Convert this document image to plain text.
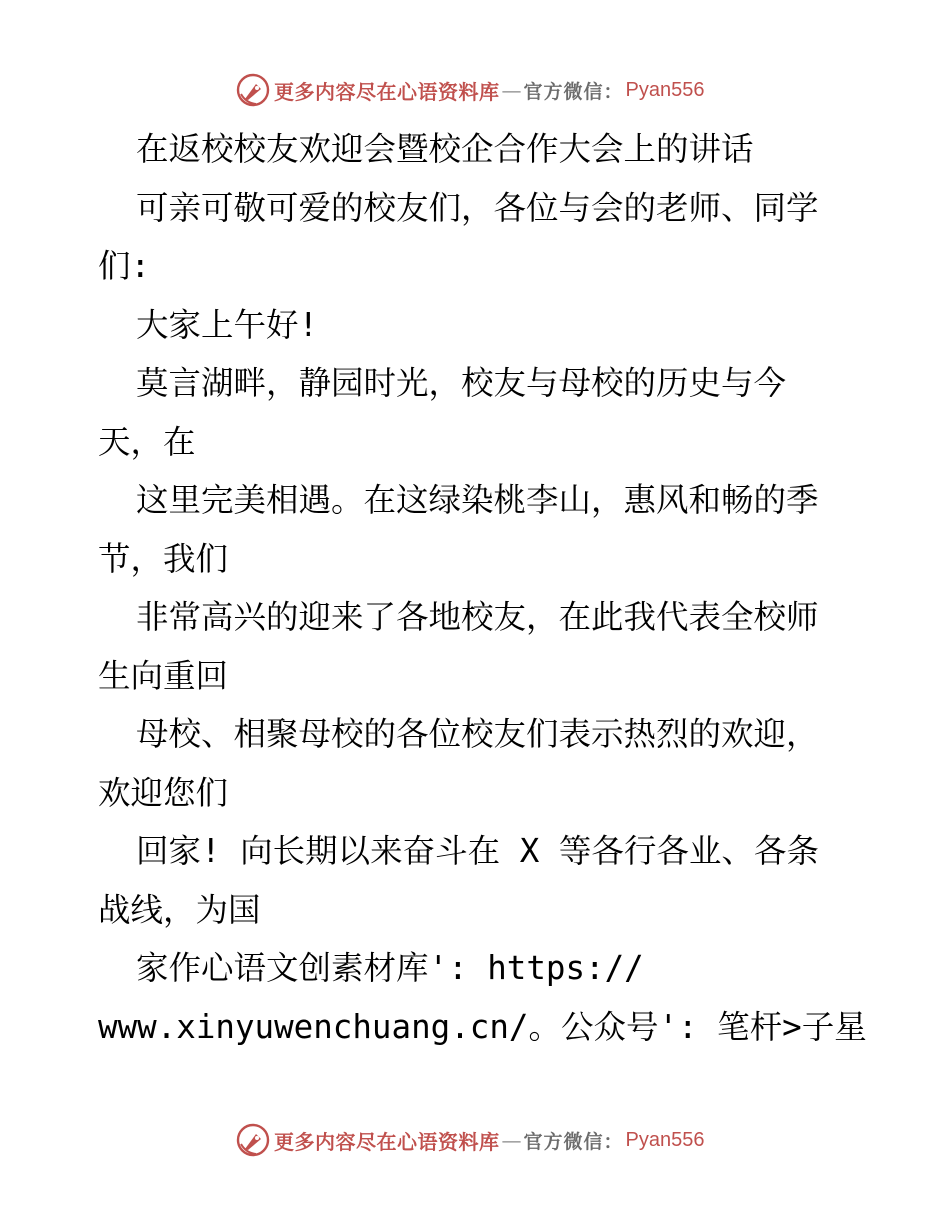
更多内容尽在心语资料库 — 官方微信： Pyan556
在返校校友欢迎会暨校企合作大会上的讲话
可亲可敬可爱的校友们，各位与会的老师、同学
们:
大家上午好!
莫言湖畔，静园时光，校友与母校的历史与今
天，在
这里完美相遇。在这绿染桃李山，惠风和畅的季
节，我们
非常高兴的迎来了各地校友，在此我代表全校师
生向重回
母校、相聚母校的各位校友们表示热烈的欢迎，
欢迎您们
回家! 向长期以来奋斗在 X 等各行各业、各条
战线，为国
家作心语文创素材库': https://
www.xinyuwenchuang.cn/。公众号': 笔杆>子星
更多内容尽在心语资料库 — 官方微信： Pyan556
